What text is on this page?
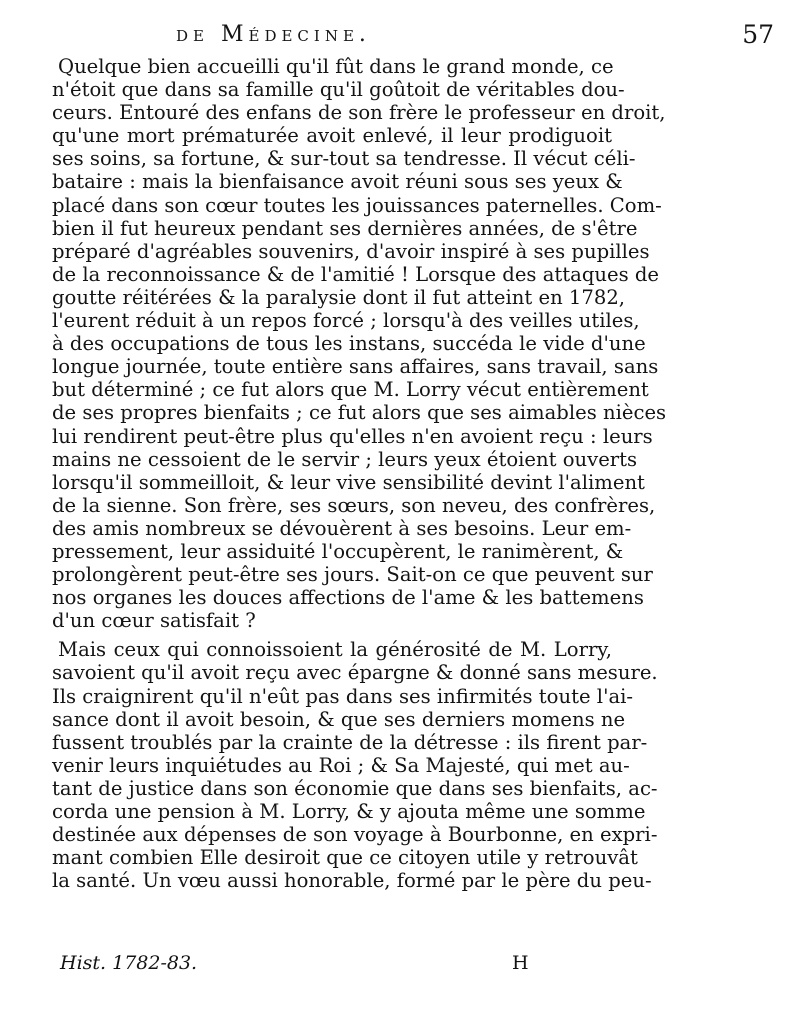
de Médecine.	57
Quelque bien accueilli qu'il fût dans le grand monde, ce
n'étoit que dans sa famille qu'il goûtoit de véritables dou-
ceurs. Entouré des enfans de son frère le professeur en droit,
qu'une mort prématurée avoit enlevé, il leur prodiguoit
ses soins, sa fortune, & sur-tout sa tendresse. Il vécut céli-
bataire : mais la bienfaisance avoit réuni sous ses yeux &
placé dans son cœur toutes les jouissances paternelles. Com-
bien il fut heureux pendant ses dernières années, de s'être
préparé d'agréables souvenirs, d'avoir inspiré à ses pupilles
de la reconnoissance & de l'amitié ! Lorsque des attaques de
goutte réitérées & la paralysie dont il fut atteint en 1782,
l'eurent réduit à un repos forcé ; lorsqu'à des veilles utiles,
à des occupations de tous les instans, succéda le vide d'une
longue journée, toute entière sans affaires, sans travail, sans
but déterminé ; ce fut alors que M. Lorry vécut entièrement
de ses propres bienfaits ; ce fut alors que ses aimables nièces
lui rendirent peut-être plus qu'elles n'en avoient reçu : leurs
mains ne cessoient de le servir ; leurs yeux étoient ouverts
lorsqu'il sommeilloit, & leur vive sensibilité devint l'aliment
de la sienne. Son frère, ses sœurs, son neveu, des confrères,
des amis nombreux se dévouèrent à ses besoins. Leur em-
pressement, leur assiduité l'occupèrent, le ranimèrent, &
prolongèrent peut-être ses jours. Sait-on ce que peuvent sur
nos organes les douces affections de l'ame & les battemens
d'un cœur satisfait ?
Mais ceux qui connoissoient la générosité de M. Lorry,
savoient qu'il avoit reçu avec épargne & donné sans mesure.
Ils craignirent qu'il n'eût pas dans ses infirmités toute l'ai-
sance dont il avoit besoin, & que ses derniers momens ne
fussent troublés par la crainte de la détresse : ils firent par-
venir leurs inquiétudes au Roi ; & Sa Majesté, qui met au-
tant de justice dans son économie que dans ses bienfaits, ac-
corda une pension à M. Lorry, & y ajouta même une somme
destinée aux dépenses de son voyage à Bourbonne, en expri-
mant combien Elle desiroit que ce citoyen utile y retrouvât
la santé. Un vœu aussi honorable, formé par le père du peu-
Hist. 1782-83.	H
